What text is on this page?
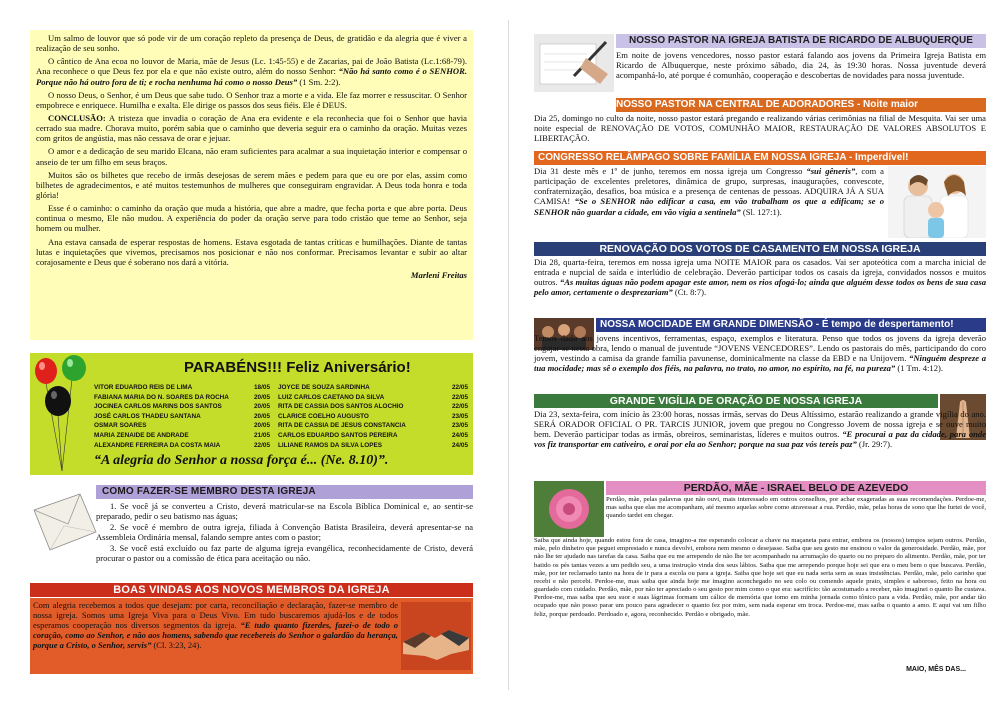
Um salmo de louvor que só pode vir de um coração repleto da presença de Deus, de gratidão e da alegria que é viver a realização de seu sonho.

O cântico de Ana ecoa no louvor de Maria, mãe de Jesus (Lc. 1:45-55) e de Zacarias, pai de João Batista (Lc.1:68-79). Ana reconhece o que Deus fez por ela e que não existe outro, além do nosso Senhor: “Não há santo como é o SENHOR. Porque não há outro fora de ti; e rocha nenhuma há como o nosso Deus” (1 Sm. 2:2).

O nosso Deus, o Senhor, é um Deus que sabe tudo. O Senhor traz a morte e a vida. Ele faz morrer e ressuscitar. O Senhor empobrece e enriquece. Humilha e exalta. Ele dirige os passos dos seus fiéis. Ele é DEUS.

CONCLUSÃO: A tristeza que invadia o coração de Ana era evidente e ela reconhecia que foi o Senhor que havia cerrado sua madre. Chorava muito, porém sabia que o caminho que deveria seguir era o caminho da oração. Muitas vezes com gritos de angústia, mas não cessava de orar e jejuar.

O amor e a dedicação de seu marido Elcana, não eram suficientes para acalmar a sua inquietação interior e compensar o anseio de ter um filho em seus braços.

Muitos são os bilhetes que recebo de irmãs desejosas de serem mães e pedem para que eu ore por elas, assim como bilhetes de agradecimentos, e até muitos testemunhos de mulheres que conseguiram engravidar. A Deus toda honra e toda glória!

Esse é o caminho: o caminho da oração que muda a história, que abre a madre, que fecha porta e que abre porta. Deus continua o mesmo, Ele não mudou. A experiência do poder da oração serve para todo cristão que teme ao Senhor, seja homem ou mulher.

Ana estava cansada de esperar respostas de homens. Estava esgotada de tantas críticas e humilhações. Diante de tantas lutas e inquietações que vivemos, precisamos nos posicionar e não nos conformar. Precisamos levantar e subir ao altar corajosamente e Deus que é soberano nos dará a vitória.

Marleni Freitas
PARABÉNS!!! Feliz Aniversário!
VITOR EDUARDO REIS DE LIMA	18/05
FABIANA MARIA DO N. SOARES DA ROCHA	20/05
JOCINEA CARLOS MARINS DOS SANTOS	20/05
JOSÉ CARLOS THADEU SANTANA	20/05
OSMAR SOARES	20/05
MARIA ZENAIDE DE ANDRADE	21/05
ALEXANDRE FERREIRA DA COSTA MAIA	22/05
JOYCE DE SOUZA SARDINHA	22/05
LUIZ CARLOS CAETANO DA SILVA	22/05
RITA DE CASSIA DOS SANTOS ALOCHIO	22/05
CLARICE COELHO AUGUSTO	23/05
RITA DE CASSIA DE JESUS CONSTANCIA	23/05
CARLOS EDUARDO SANTOS PEREIRA	24/05
LILIANE RAMOS DA SILVA LOPES	24/05
“A alegria do Senhor a nossa força é... (Ne. 8.10)”.
COMO FAZER-SE MEMBRO DESTA IGREJA

1. Se você já se converteu a Cristo, deverá matricular-se na Escola Bíblica Dominical e, ao sentir-se preparado, pedir o seu batismo nas águas;

2. Se você é membro de outra igreja, filiada à Convenção Batista Brasileira, deverá apresentar-se na Assembleia Ordinária mensal, falando sempre antes com o pastor;

3. Se você está excluído ou faz parte de alguma igreja evangélica, reconhecidamente de Cristo, deverá procurar o pastor ou a comissão de ética para aceitação ou não.

BOAS VINDAS AOS NOVOS MEMBROS DA IGREJA
Com alegria recebemos a todos que desejam: por carta, reconciliação e declaração, fazer-se membro de nossa igreja. Somos uma Igreja Viva para o Deus Vivo. Em tudo buscaremos ajudá-los e de todos esperamos cooperação nos diversos segmentos da igreja. “E tudo quanto fizerdes, fazei-o de todo o coração, como ao Senhor, e não aos homens, sabendo que recebereis do Senhor o galardão da herança, porque a Cristo, o Senhor, servis” (Cl. 3:23, 24).
NOSSO PASTOR NA IGREJA BATISTA DE RICARDO DE ALBUQUERQUE
Em noite de jovens vencedores, nosso pastor estará falando aos jovens da Primeira Igreja Batista em Ricardo de Albuquerque, neste próximo sábado, dia 24, às 19:30 horas. Nossa juventude deverá acompanhá-lo, até porque é comunhão, cooperação e descobertas de novidades para nossa juventude.
NOSSO PASTOR NA CENTRAL DE ADORADORES - Noite maior
Dia 25, domingo no culto da noite, nosso pastor estará pregando e realizando várias cerimônias na filial de Mesquita. Vai ser uma noite especial de RENOVAÇÃO DE VOTOS, COMUNHÃO MAIOR, RESTAURAÇÃO DE VALORES ABSOLUTOS E LIBERTAÇÃO.
CONGRESSO RELÂMPAGO SOBRE FAMÍLIA EM NOSSA IGREJA - Imperdível!
Dia 31 deste mês e 1º de junho, teremos em nossa igreja um Congresso “sui gêneris”, com a participação de excelentes preletores, dinâmica de grupo, surpresas, inaugurações, convescote, confraternização, desafios, boa música e a presença de centenas de pessoas. ADQUIRA JÁ A SUA CAMISA! “Se o SENHOR não edificar a casa, em vão trabalham os que a edificam; se o SENHOR não guardar a cidade, em vão vigia a sentinela” (Sl. 127:1).
RENOVAÇÃO DOS VOTOS DE CASAMENTO EM NOSSA IGREJA
Dia 28, quarta-feira, teremos em nossa igreja uma NOITE MAIOR para os casados. Vai ser apoteótica com a marcha inicial de entrada e nupcial de saída e interlúdio de celebração. Deverão participar todos os casais da igreja, convidados nossos e muitos outros. “As muitas águas não podem apagar este amor, nem os rios afogá-lo; ainda que alguém desse todos os bens de sua casa pelo amor, certamente o desprezariam” (Ct. 8:7).
NOSSA MOCIDADE EM GRANDE DIMENSÃO - É tempo de despertamento!
Temos dado aos jovens incentivos, ferramentas, espaço, exemplos e literatura. Penso que todos os jovens da igreja deverão engajar-se nesta obra, lendo o manual de juventude “JOVENS VENCEDORES”. Lendo os pastorais do mês, participando do coro jovem, vestindo a camisa da grande família pavunense, dominicalmente na classe da EBD e na Unijovem. “Ninguém despreze a tua mocidade; mas sê o exemplo dos fiéis, na palavra, no trato, no amor, no espírito, na fé, na pureza” (1 Tm. 4:12).
GRANDE VIGÍLIA DE ORAÇÃO DE NOSSA IGREJA
Dia 23, sexta-feira, com início às 23:00 horas, nossas irmãs, servas do Deus Altíssimo, estarão realizando a grande vigília do ano. SERÁ ORADOR OFICIAL O PR. TARCIS JUNIOR, jovem que pregou no Congresso Jovem de nossa igreja e se ouve muito bem. Deverão participar todas as irmãs, obreiros, seminaristas, líderes e muitos outros. “E procurai a paz da cidade, para onde vos fiz transportar em cativeiro, e orai por ela ao Senhor; porque na sua paz vós tereis paz” (Jr. 29:7).
PERDÃO, MÃE - ISRAEL BELO DE AZEVEDO
Perdão, mãe, pelas palavras que não ouvi, mais interessado em outros conselhos, por achar exageradas as suas recomendações. Perdoe-me, mas saiba que elas me acompanham, até mesmo aquelas sobre como atravessar a rua. Perdão, mãe, pelas horas de sono que lhe furtei de você, quando tardei em chegar.
Saiba que ainda hoje, quando estou fora de casa, imagino-a me esperando colocar a chave na maçaneta para entrar, embora os (nossos) tempos sejam outros. Perdão, mãe, pelo dinheiro que peguei emprestado e nunca devolvi, embora nem mesmo o desejasse. Saiba que seu gesto me ensinou o valor da generosidade. Perdão, mãe, por não lhe ter ajudado nas tarefas da casa. Saiba que eu me arrependo de não lhe ter acompanhado na arrumação do quarto ou no preparo do alimento. Perdão, mãe, por ter batido os pés tantas vezes a um pedido seu, a uma instrução vinda dos seus lábios. Saiba que me arrependo porque hoje sei que era o meu bem o que buscava. Perdão, mãe, por ter reclamado tanto na hora de ir para a escola ou para a igreja. Saiba que hoje sei que eu nada seria sem as suas insistências. Perdão, mãe, pelo carinho que recebi e não percebi. Perdoe-me, mas saiba que ainda hoje me imagino aconchegado no seu colo ou comendo aquele prato, simples e saboroso, feito na hora ou guardado com cuidado. Perdão, mãe, por não ter apreciado o seu gesto por mim como o que era: sacrifício: tão acostumado a receber, não imaginei o quanto lhe custava. Perdoe-me, mas saiba que seu suor e suas lágrimas formam um cálice de memória que tomo em minha jornada como tônico para a vida. Perdão, mãe, por andar tão ocupado que não posso parar um pouco para agradecer o quanto fez por mim, sem nada esperar em troca. Perdoe-me, mas saiba o quanto a amo. E aqui vai um filho feliz, porque perdoado. Perdoado e, agora, reconhecido. Perdão e obrigado, mãe.
MAIO, MÊS DAS...
